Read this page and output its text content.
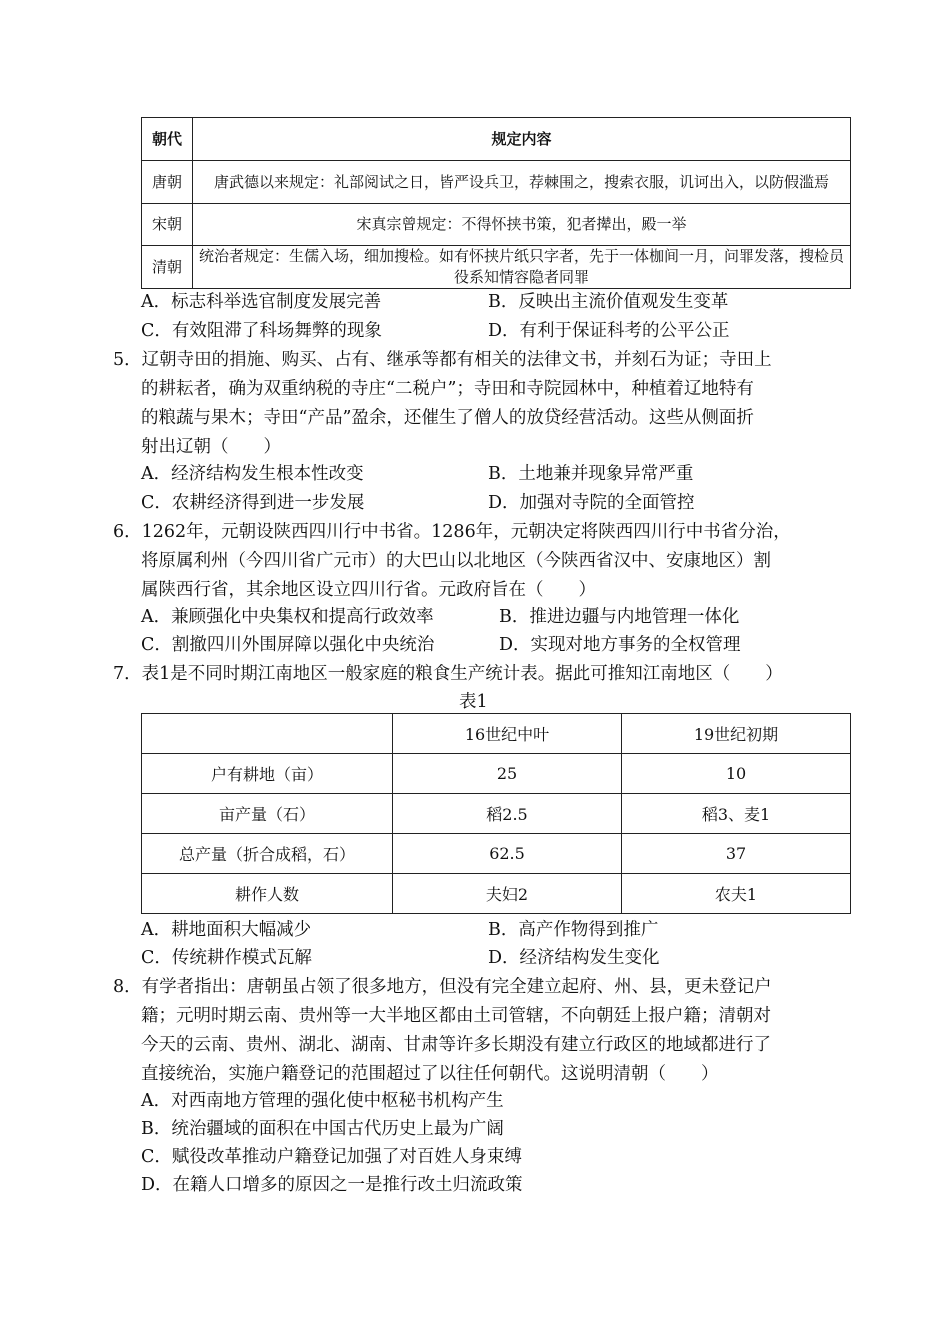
朝代	规定内容
唐朝	唐武德以来规定：礼部阅试之日，皆严设兵卫，荐棘围之，搜索衣服，讥诃出入，以防假滥焉
宋朝	宋真宗曾规定：不得怀挟书策，犯者撵出，殿一举
清朝	统治者规定：生儒入场，细加搜检。如有怀挟片纸只字者，先于一体枷间一月，问罪发落，搜检员役系知情容隐者同罪
A．标志科举选官制度发展完善	B．反映出主流价值观发生变革
C．有效阻滞了科场舞弊的现象	D．有利于保证科考的公平公正
5．辽朝寺田的捐施、购买、占有、继承等都有相关的法律文书，并刻石为证；寺田上
的耕耘者，确为双重纳税的寺庄“二税户”；寺田和寺院园林中，种植着辽地特有
的粮蔬与果木；寺田“产品”盈余，还催生了僧人的放贷经营活动。这些从侧面折
射出辽朝（　　）
A．经济结构发生根本性改变	B．土地兼并现象异常严重
C．农耕经济得到进一步发展	D．加强对寺院的全面管控
6．1262年，元朝设陕西四川行中书省。1286年，元朝决定将陕西四川行中书省分治，
将原属利州（今四川省广元市）的大巴山以北地区（今陕西省汉中、安康地区）割
属陕西行省，其余地区设立四川行省。元政府旨在（　　）
A．兼顾强化中央集权和提高行政效率	B．推进边疆与内地管理一体化
C．割撤四川外围屏障以强化中央统治	D．实现对地方事务的全权管理
7．表1是不同时期江南地区一般家庭的粮食生产统计表。据此可推知江南地区（　　）
表1
	16世纪中叶	19世纪初期
户有耕地（亩）	25	10
亩产量（石）	稻2.5	稻3、麦1
总产量（折合成稻，石）	62.5	37
耕作人数	夫妇2	农夫1
A．耕地面积大幅减少	B．高产作物得到推广
C．传统耕作模式瓦解	D．经济结构发生变化
8．有学者指出：唐朝虽占领了很多地方，但没有完全建立起府、州、县，更未登记户
籍；元明时期云南、贵州等一大半地区都由土司管辖，不向朝廷上报户籍；清朝对
今天的云南、贵州、湖北、湖南、甘肃等许多长期没有建立行政区的地域都进行了
直接统治，实施户籍登记的范围超过了以往任何朝代。这说明清朝（　　）
A．对西南地方管理的强化使中枢秘书机构产生
B．统治疆域的面积在中国古代历史上最为广阔
C．赋役改革推动户籍登记加强了对百姓人身束缚
D．在籍人口增多的原因之一是推行改土归流政策
